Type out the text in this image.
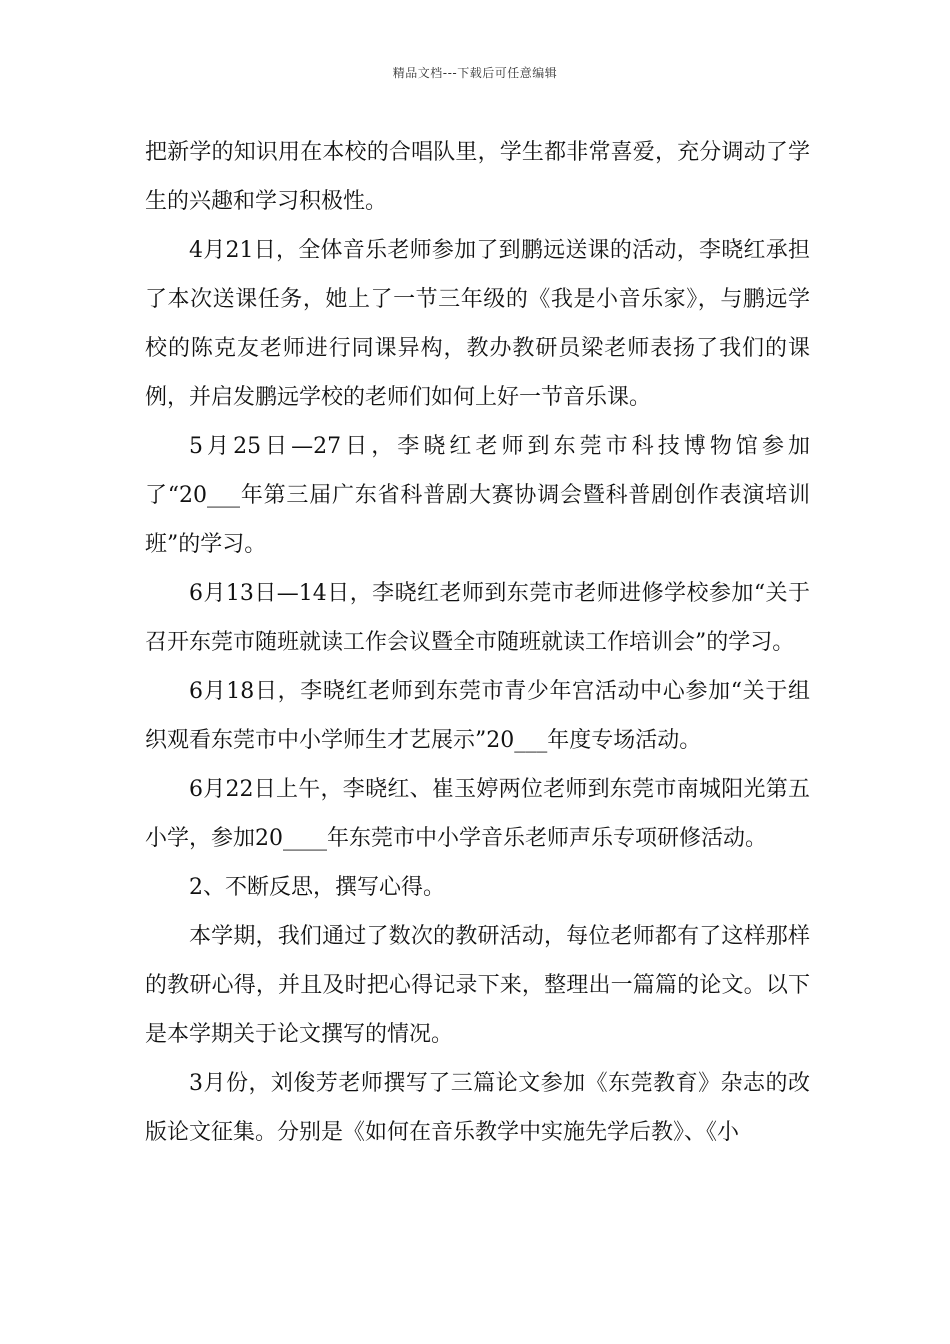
精品文档---下载后可任意编辑

把新学的知识用在本校的合唱队里，学生都非常喜爱，充分调动了学生的兴趣和学习积极性。

4月21日，全体音乐老师参加了到鹏远送课的活动，李晓红承担了本次送课任务，她上了一节三年级的《我是小音乐家》，与鹏远学校的陈克友老师进行同课异构，教办教研员梁老师表扬了我们的课例，并启发鹏远学校的老师们如何上好一节音乐课。

5月25日—27日，李晓红老师到东莞市科技博物馆参加了“20___年第三届广东省科普剧大赛协调会暨科普剧创作表演培训班”的学习。

6月13日—14日，李晓红老师到东莞市老师进修学校参加“关于召开东莞市随班就读工作会议暨全市随班就读工作培训会”的学习。

6月18日，李晓红老师到东莞市青少年宫活动中心参加“关于组织观看东莞市中小学师生才艺展示”20___年度专场活动。

6月22日上午，李晓红、崔玉婷两位老师到东莞市南城阳光第五小学，参加20____年东莞市中小学音乐老师声乐专项研修活动。

2、不断反思，撰写心得。

本学期，我们通过了数次的教研活动，每位老师都有了这样那样的教研心得，并且及时把心得记录下来，整理出一篇篇的论文。以下是本学期关于论文撰写的情况。

3月份，刘俊芳老师撰写了三篇论文参加《东莞教育》杂志的改版论文征集。分别是《如何在音乐教学中实施先学后教》、《小
